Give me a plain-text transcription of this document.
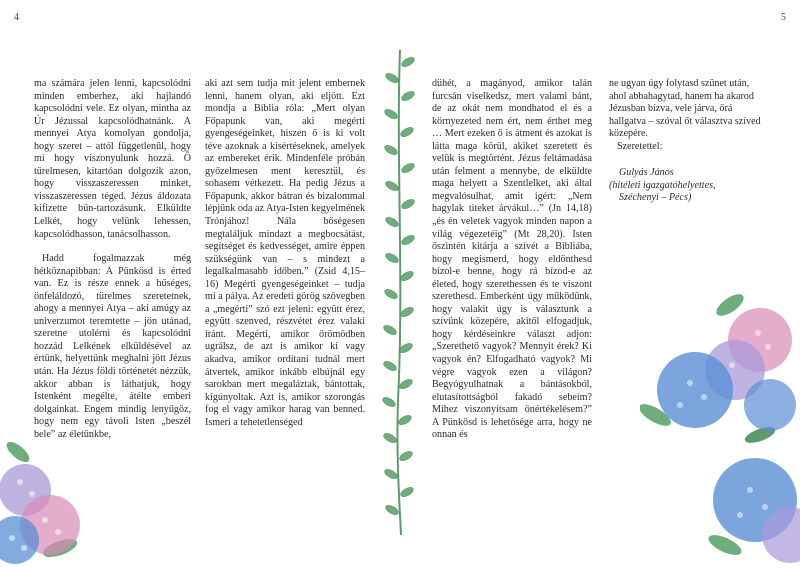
4	5

ma számára jelen lenni, kapcsolódni minden emberhez, aki hajlandó kapcsolódni vele. Ez olyan, mintha az Úr Jézussal kapcsolódhatnánk. A mennyei Atya komolyan gondolja, hogy szeret – attól függetlenül, hogy mi hogy viszonyulunk hozzá. Ő türelmesen, kitartóan dolgozik azon, hogy visszaszeressen minket, visszaszeressen téged. Jézus áldozata kifizette bűn-tartozásunk. Elküldte Lelkét, hogy velünk lehessen, kapcsolódhasson, tanácsolhasson.

Hadd fogalmazzak még hétköznapibban: A Pünkösd is érted van. Ez is része ennek a hűséges, önfeláldozó, türelmes szeretetnek, ahogy a mennyei Atya – aki amúgy az univerzumot teremtette – jön utánad, szeretne utolérni és kapcsolódni hozzád Lelkének elküldésével az értünk, helyettünk meghalni jött Jézus után. Ha Jézus földi történetét nézzük, akkor abban is láthatjuk, hogy Istenként megélte, átélte emberi dolgainkat. Engem mindig lenyűgöz, hogy nem egy távoli Isten „beszél bele” az életünkbe,

aki azt sem tudja mit jelent embernek lenni, hanem olyan, aki eljött. Ezt mondja a Biblia róla: „Mert olyan Főpapunk van, aki megérti gyengeségeinket, hiszen ő is ki volt téve azoknak a kísértéseknek, amelyek az embereket érik. Mindenféle próbán győzelmesen ment keresztül, és sohasem vétkezett. Ha pedig Jézus a Főpapunk, akkor bátran és bizalommal lépjünk oda az Atya-Isten kegyelmének Trónjához! Nála bőségesen megtaláljuk mindazt a megbocsátást, segítséget és kedvességet, amire éppen szükségünk van – s mindezt a legalkalmasabb időben.” (Zsid 4,15–16) Megérti gyengeségeinket – tudja mi a pálya. Az eredeti görög szövegben a „megérti” szó ezt jeleni: együtt érez, együtt szenved, részvétet érez valaki iránt. Megérti, amikor örömödben ugrálsz, de azt is amikor ki vagy akadva, amikor ordítani tudnál mert átvertek, amikor inkább elbújnál egy sarokban mert megaláztak, bántottak, kigúnyoltak. Azt is, amikor szorongás fog el vagy amikor harag van benned. Ismeri a tehetetlenséged

dühét, a magányod, amikor talán furcsán viselkedsz, mert valami bánt, de az okát nem mondhatod el és a környezeted nem ért, nem érthet meg … Mert ezeken ő is átment és azokat is látta maga körül, akiket szeretett és velük is megtörtént. Jézus feltámadása után felment a mennybe, de elküldte maga helyett a Szentlelket, aki által megvalósulhat, amit ígért: „Nem hagylak titeket árvákul…” (Jn 14,18) „és én veletek vagyok minden napon a világ végezetéig” (Mt 28,20). Isten őszintén kitárja a szívét a Bibliába, hogy megismerd, hogy eldönthesd bízol-e benne, hogy rá bízod-e az életed, hogy szerethessen és te viszont szerethesd. Emberként úgy működünk, hogy valakit úgy is választunk a szívünk közepére, akitől elfogadjuk, hogy kérdéseinkre választ adjon: „Szerethető vagyok? Mennyit érek? Ki vagyok én? Elfogadható vagyok? Mi végre vagyok ezen a világon? Begyógyulhatnak a bántásokból, elutasítottságból fakadó sebeim? Mihez viszonyítsam önértékelésem?” A Pünkösd is lehetősége arra, hogy ne onnan és

ne ugyan úgy folytasd szünet után, ahol abbahagytad, hanem ha akarod Jézusban bízva, vele járva, őrá hallgatva – szóval őt választva szíved közepére.

Szeretettel:

Gulyás János

(hitéleti igazgatóhelyettes,

Széchenyi – Pécs)
